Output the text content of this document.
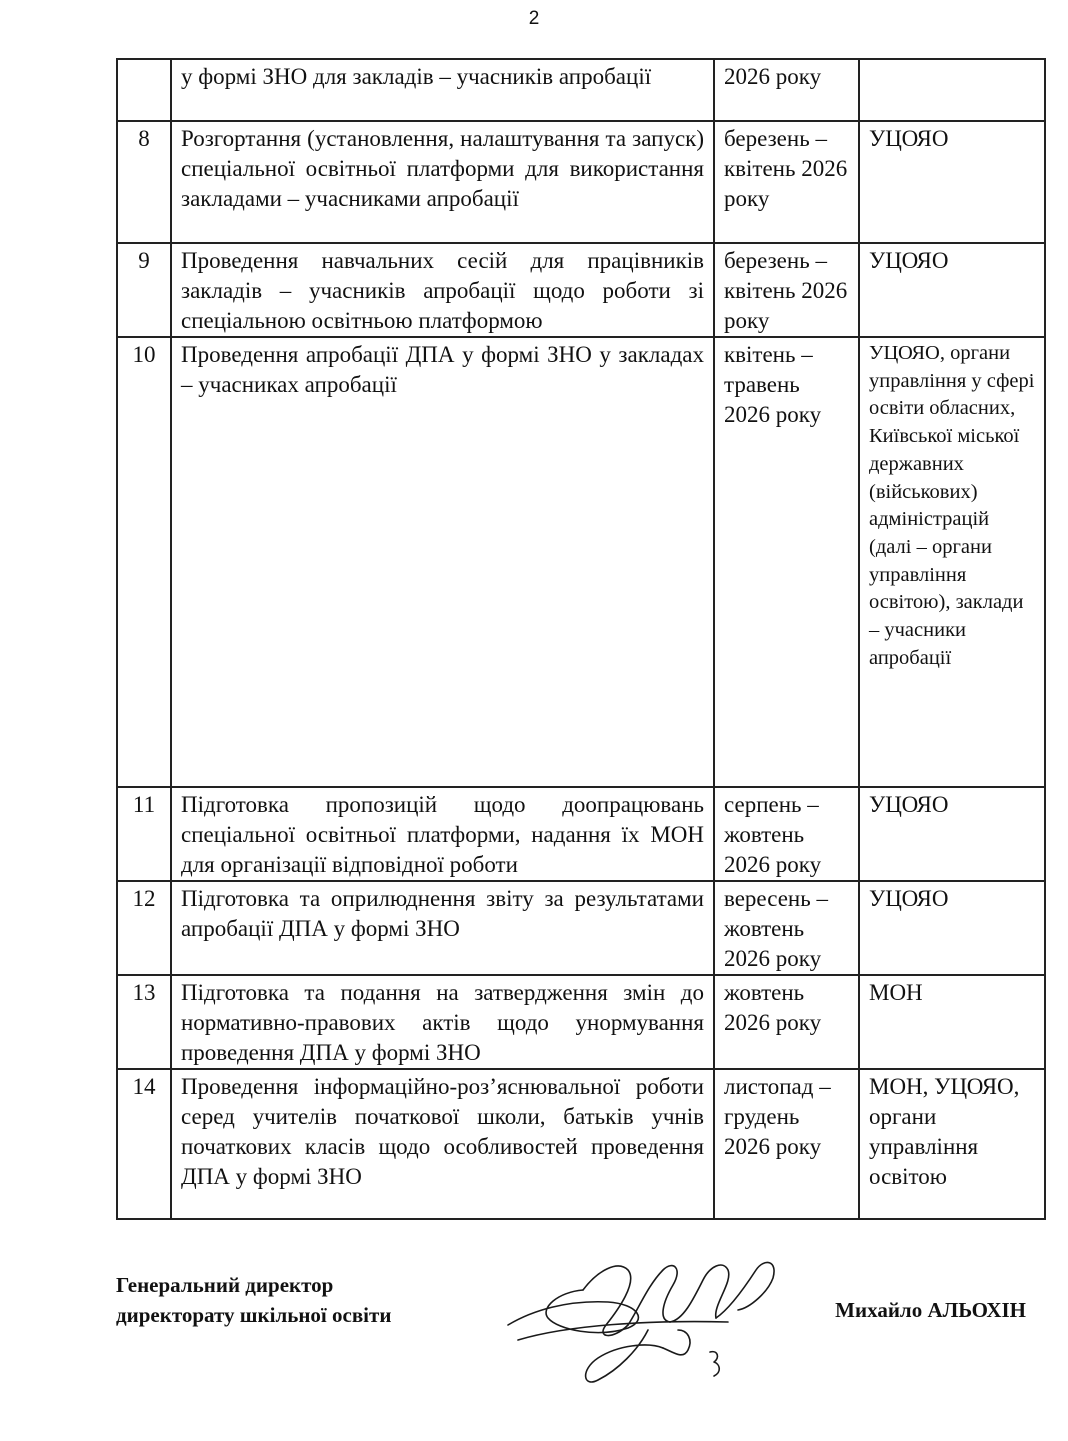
2
	у формі ЗНО для закладів – учасників апробації	2026 року	
8	Розгортання (установлення, налаштування та запуск) спеціальної освітньої платформи для використання закладами – учасниками апробації	березень – квітень 2026 року	УЦОЯО
9	Проведення навчальних сесій для працівників закладів – учасників апробації щодо роботи зі спеціальною освітньою платформою	березень – квітень 2026 року	УЦОЯО
10	Проведення апробації ДПА у формі ЗНО у закладах – учасниках апробації	квітень – травень 2026 року	УЦОЯО, органи управління у сфері освіти обласних, Київської міської державних (військових) адміністрацій (далі – органи управління освітою), заклади – учасники апробації
11	Підготовка пропозицій щодо доопрацювань спеціальної освітньої платформи, надання їх МОН для організації відповідної роботи	серпень – жовтень 2026 року	УЦОЯО
12	Підготовка та оприлюднення звіту за результатами апробації ДПА у формі ЗНО	вересень – жовтень 2026 року	УЦОЯО
13	Підготовка та подання на затвердження змін до нормативно-правових актів щодо унормування проведення ДПА у формі ЗНО	жовтень 2026 року	МОН
14	Проведення інформаційно-роз’яснювальної роботи серед учителів початкової школи, батьків учнів початкових класів щодо особливостей проведення ДПА у формі ЗНО	листопад – грудень 2026 року	МОН, УЦОЯО, органи управління освітою
Генеральний директор
директорату шкільної освіти	Михайло АЛЬОХІН
